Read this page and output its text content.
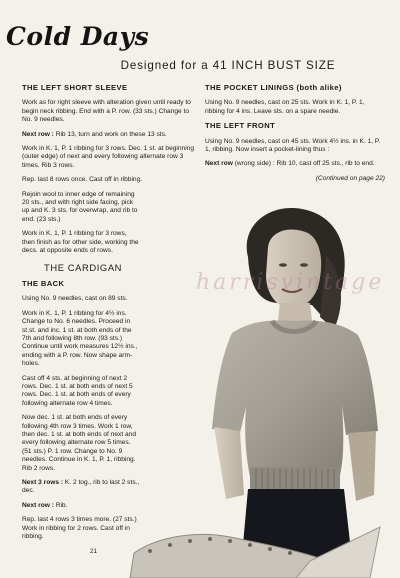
Cold Days
Designed for a 41 INCH BUST SIZE
THE LEFT SHORT SLEEVE

Work as for right sleeve with alteration given until ready to begin neck ribbing. End with a P. row. (33 sts.) Change to No. 9 needles.

Next row : Rib 13, turn and work on these 13 sts.

Work in K. 1, P. 1 ribbing for 3 rows. Dec. 1 st. at beginning (outer edge) of next and every following alternate row 3 times. Rib 3 rows.

Rep. last 8 rows once. Cast off in ribbing.

Rejoin wool to inner edge of remaining 20 sts., and with right side facing, pick up and K. 3 sts. for overwrap, and rib to end. (23 sts.)

Work in K. 1, P. 1 ribbing for 3 rows, then finish as for other side, working the decs. at opposite ends of rows.

THE CARDIGAN
THE BACK

Using No. 9 needles, cast on 89 sts.

Work in K. 1, P. 1 ribbing for 4½ ins. Change to No. 6 needles. Proceed in st.st. and inc. 1 st. at both ends of the 7th and following 8th row. (93 sts.) Continue until work measures 12½ ins., ending with a P. row. Now shape arm-holes.

Cast off 4 sts. at beginning of next 2 rows. Dec. 1 st. at both ends of next 5 rows. Dec. 1 st. at both ends of every following alternate row 4 times.

Now dec. 1 st. at both ends of every following 4th row 3 times. Work 1 row, then dec. 1 st. at both ends of next and every following alternate row 5 times. (51 sts.) P. 1 row. Change to No. 9 needles. Continue in K. 1, P. 1, ribbing. Rib 2 rows.

Next 3 rows : K. 2 tog., rib to last 2 sts., dec.

Next row : Rib.

Rep. last 4 rows 3 times more. (27 sts.) Work in ribbing for 2 rows. Cast off in ribbing.

21
THE POCKET LININGS (both alike)

Using No. 9 needles, cast on 25 sts. Work in K. 1, P. 1, ribbing for 4 ins. Leave sts. on a spare needle.

THE LEFT FRONT

Using No. 9 needles, cast on 45 sts. Work 4½ ins. in K. 1, P. 1, ribbing. Now insert a pocket-lining thus :

Next row (wrong side) : Rib 10, cast off 25 sts., rib to end.

(Continued on page 22)

harrisvintage
